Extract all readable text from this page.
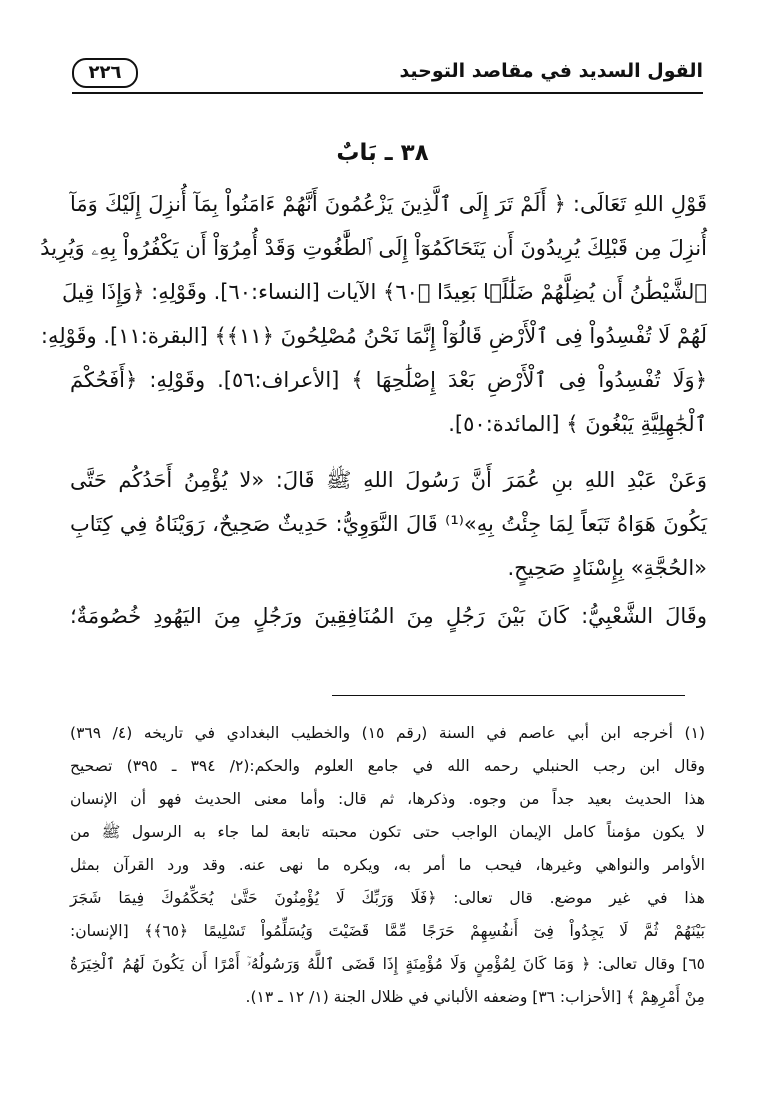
القول السديد في مقاصد التوحيد
٢٢٦
٣٨ ـ بَابٌ
قَوْلِ اللهِ تَعَالَى: ﴿ أَلَمْ تَرَ إِلَى ٱلَّذِينَ يَزْعُمُونَ أَنَّهُمْ ءَامَنُواْ بِمَآ أُنزِلَ إِلَيْكَ وَمَآ
أُنزِلَ مِن قَبْلِكَ يُرِيدُونَ أَن يَتَحَاكَمُوٓاْ إِلَى ٱلطَّٰغُوتِ وَقَدْ أُمِرُوٓاْ أَن يَكْفُرُواْ بِهِۦ وَيُرِيدُ
ٱلشَّيْطَٰنُ أَن يُضِلَّهُمْ ضَلَٰلًۢا بَعِيدًا ﴿٦٠﴾ الآيات [النساء:٦٠]. وقَوْلِهِ: ﴿وَإِذَا قِيلَ
لَهُمْ لَا تُفْسِدُواْ فِى ٱلْأَرْضِ قَالُوٓاْ إِنَّمَا نَحْنُ مُصْلِحُونَ ﴿١١﴾﴾ [البقرة:١١]. وقَوْلِهِ:
﴿وَلَا تُفْسِدُواْ فِى ٱلْأَرْضِ بَعْدَ إِصْلَٰحِهَا ﴾ [الأعراف:٥٦]. وقَوْلِهِ: ﴿أَفَحُكْمَ
ٱلْجَٰهِلِيَّةِ يَبْغُونَ ﴾ [المائدة:٥٠].
وَعَنْ عَبْدِ اللهِ بنِ عُمَرَ أَنَّ رَسُولَ اللهِ ﷺ قَالَ: «لا يُؤْمِنُ أَحَدُكُم حَتَّى
يَكُونَ هَوَاهُ تَبَعاً لِمَا جِئْتُ بِهِ»⁽¹⁾ قَالَ النَّوَوِيُّ: حَدِيثٌ صَحِيحٌ، رَوَيْنَاهُ فِي كِتَابِ
«الحُجَّةِ» بِإِسْنَادٍ صَحِيحٍ.
وقَالَ الشَّعْبِيُّ: كَانَ بَيْنَ رَجُلٍ مِنَ المُنَافِقِينَ ورَجُلٍ مِنَ اليَهُودِ خُصُومَةٌ؛
(١) أخرجه ابن أبي عاصم في السنة (رقم ١٥) والخطيب البغدادي في تاريخه (٤/ ٣٦٩)
وقال ابن رجب الحنبلي رحمه الله في جامع العلوم والحكم:(٢/ ٣٩٤ ـ ٣٩٥) تصحيح
هذا الحديث بعيد جداً من وجوه. وذكرها، ثم قال: وأما معنى الحديث فهو أن الإنسان
لا يكون مؤمناً كامل الإيمان الواجب حتى تكون محبته تابعة لما جاء به الرسول ﷺ من
الأوامر والنواهي وغيرها، فيحب ما أمر به، ويكره ما نهى عنه. وقد ورد القرآن بمثل
هذا في غير موضع. قال تعالى: ﴿فَلَا وَرَبِّكَ لَا يُؤْمِنُونَ حَتَّىٰ يُحَكِّمُوكَ فِيمَا شَجَرَ
بَيْنَهُمْ ثُمَّ لَا يَجِدُواْ فِىٓ أَنفُسِهِمْ حَرَجًا مِّمَّا قَضَيْتَ وَيُسَلِّمُواْ تَسْلِيمًا ﴿٦٥﴾﴾ [الإنسان:
٦٥] وقال تعالى: ﴿ وَمَا كَانَ لِمُؤْمِنٍ وَلَا مُؤْمِنَةٍ إِذَا قَضَى ٱللَّهُ وَرَسُولُهُۥٓ أَمْرًا أَن يَكُونَ لَهُمُ ٱلْخِيَرَةُ
مِنْ أَمْرِهِمْ ﴾ [الأحزاب: ٣٦] وضعفه الألباني في ظلال الجنة (١/ ١٢ ـ ١٣).
